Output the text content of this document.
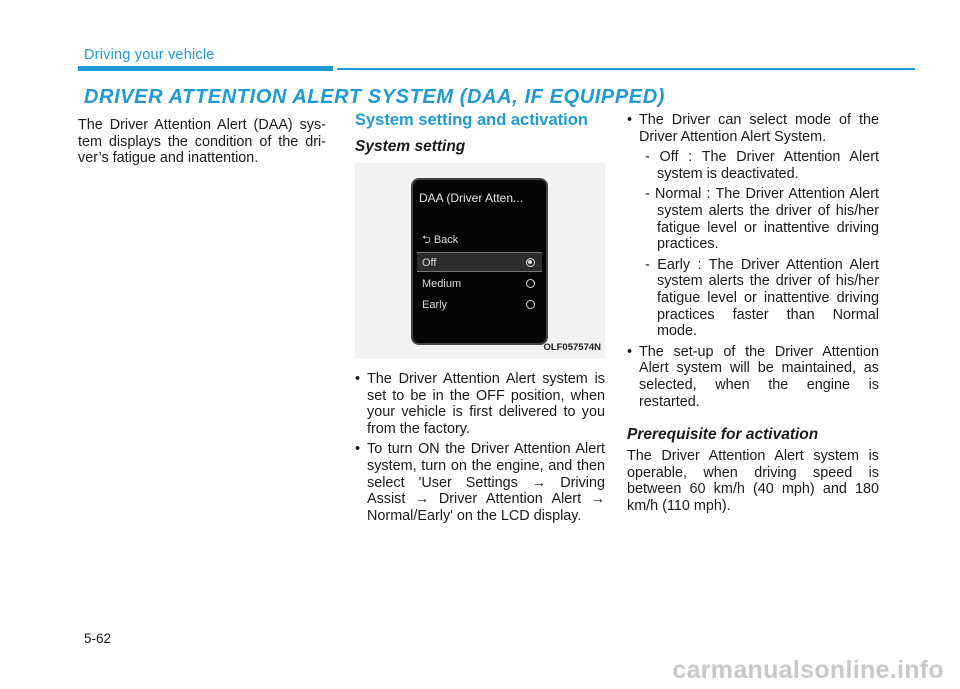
Driving your vehicle
DRIVER ATTENTION ALERT SYSTEM (DAA, IF EQUIPPED)

The Driver Attention Alert (DAA) sys-tem displays the condition of the dri-ver’s fatigue and inattention.

System setting and activation
System setting
DAA (Driver Atten...
⮌ Back
Off
Medium
Early
OLF057574N
• The Driver Attention Alert system is set to be in the OFF position, when your vehicle is first delivered to you from the factory.
• To turn ON the Driver Attention Alert system, turn on the engine, and then select 'User Settings → Driving Assist → Driver Attention Alert → Normal/Early' on the LCD display.
• The Driver can select mode of the Driver Attention Alert System.
- Off : The Driver Attention Alert system is deactivated.
- Normal : The Driver Attention Alert system alerts the driver of his/her fatigue level or inattentive driving practices.
- Early : The Driver Attention Alert system alerts the driver of his/her fatigue level or inattentive driving practices faster than Normal mode.
• The set-up of the Driver Attention Alert system will be maintained, as selected, when the engine is restarted.
Prerequisite for activation

The Driver Attention Alert system is operable, when driving speed is between 60 km/h (40 mph) and 180 km/h (110 mph).

5-62
carmanualsonline.info
